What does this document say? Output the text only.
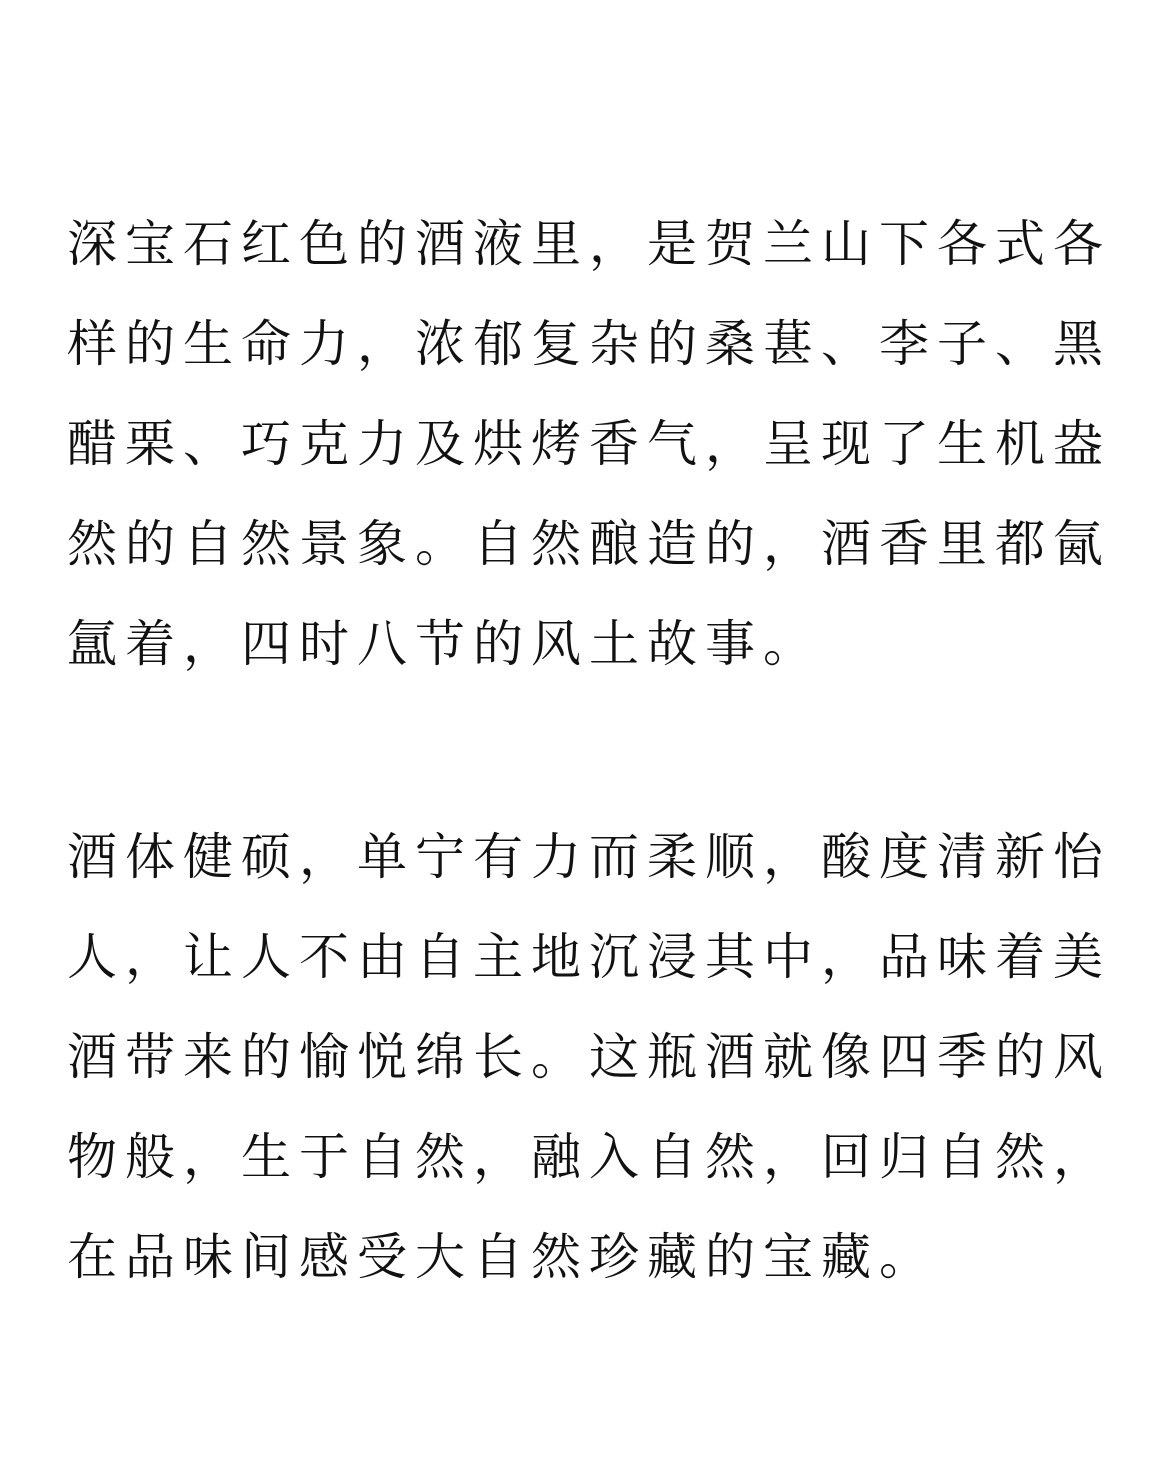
深宝石红色的酒液里，是贺兰山下各式各
样的生命力，浓郁复杂的桑葚、李子、黑
醋栗、巧克力及烘烤香气，呈现了生机盎
然的自然景象。自然酿造的，酒香里都氤
氲着，四时八节的风土故事。
酒体健硕，单宁有力而柔顺，酸度清新怡
人，让人不由自主地沉浸其中，品味着美
酒带来的愉悦绵长。这瓶酒就像四季的风
物般，生于自然，融入自然，回归自然，
在品味间感受大自然珍藏的宝藏。
